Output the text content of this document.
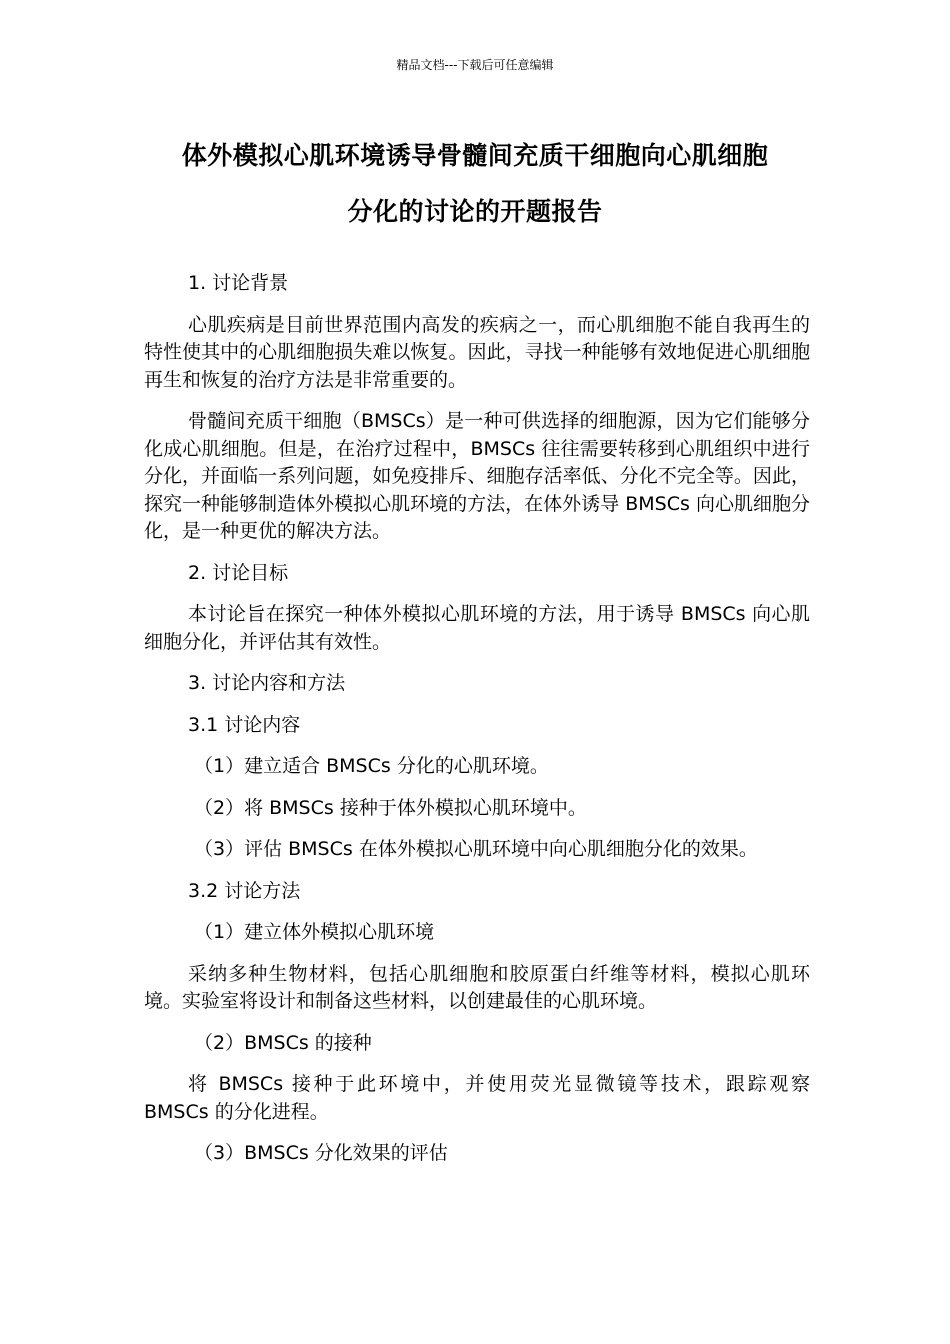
精品文档---下载后可任意编辑
体外模拟心肌环境诱导骨髓间充质干细胞向心肌细胞
分化的讨论的开题报告

1. 讨论背景

心肌疾病是目前世界范围内高发的疾病之一，而心肌细胞不能自我再生的特性使其中的心肌细胞损失难以恢复。因此，寻找一种能够有效地促进心肌细胞再生和恢复的治疗方法是非常重要的。

骨髓间充质干细胞（BMSCs）是一种可供选择的细胞源，因为它们能够分化成心肌细胞。但是，在治疗过程中，BMSCs 往往需要转移到心肌组织中进行分化，并面临一系列问题，如免疫排斥、细胞存活率低、分化不完全等。因此，探究一种能够制造体外模拟心肌环境的方法，在体外诱导 BMSCs 向心肌细胞分化，是一种更优的解决方法。

2. 讨论目标

本讨论旨在探究一种体外模拟心肌环境的方法，用于诱导 BMSCs 向心肌细胞分化，并评估其有效性。

3. 讨论内容和方法

3.1 讨论内容

（1）建立适合 BMSCs 分化的心肌环境。

（2）将 BMSCs 接种于体外模拟心肌环境中。

（3）评估 BMSCs 在体外模拟心肌环境中向心肌细胞分化的效果。

3.2 讨论方法

（1）建立体外模拟心肌环境

采纳多种生物材料，包括心肌细胞和胶原蛋白纤维等材料，模拟心肌环境。实验室将设计和制备这些材料，以创建最佳的心肌环境。

（2）BMSCs 的接种

将 BMSCs 接种于此环境中，并使用荧光显微镜等技术，跟踪观察 BMSCs 的分化进程。

（3）BMSCs 分化效果的评估
